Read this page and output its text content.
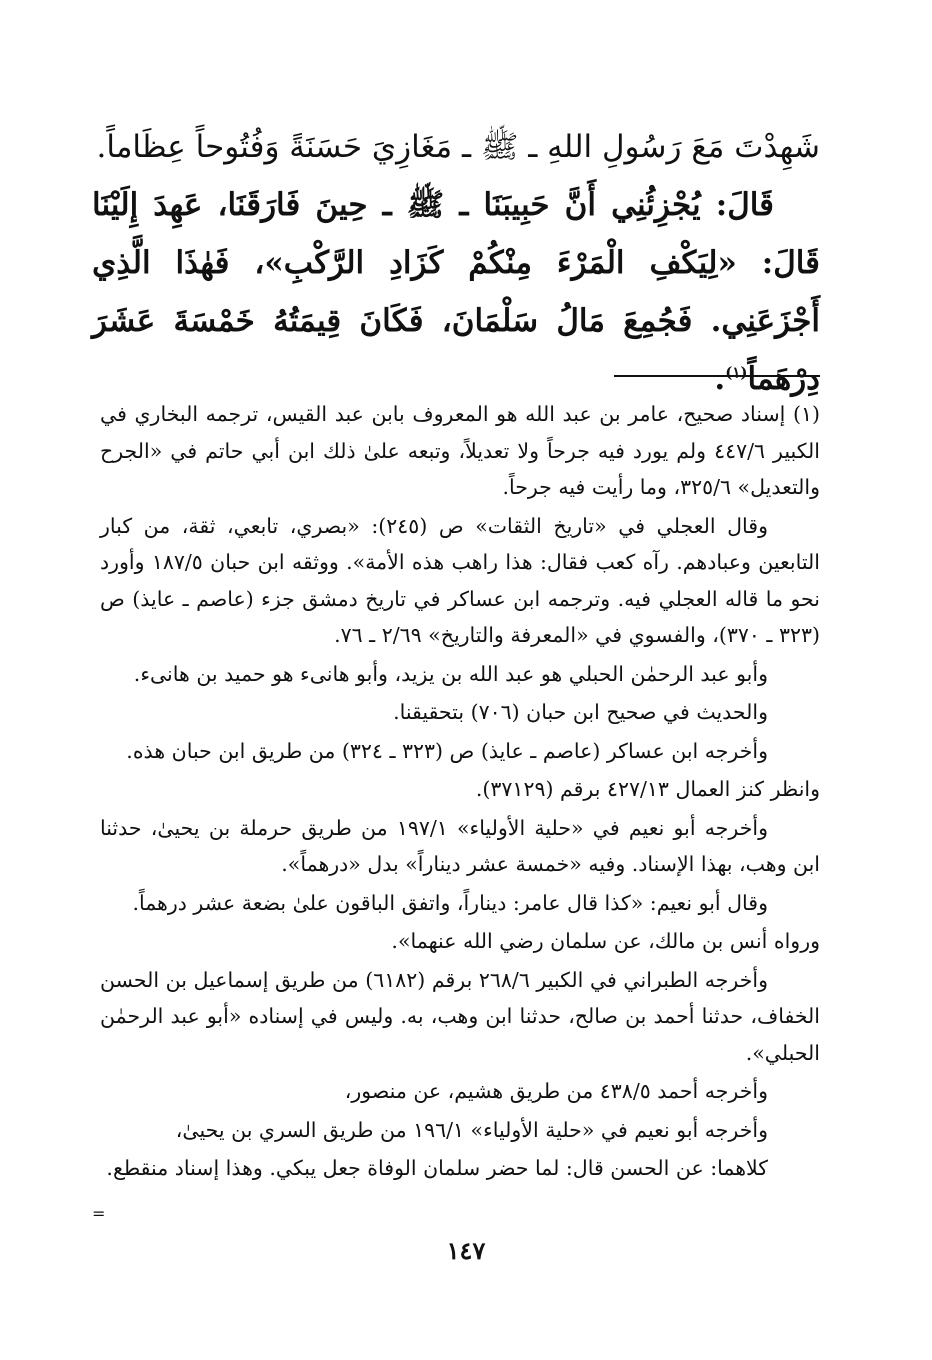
شَهِدْتَ مَعَ رَسُولِ اللهِ ـ ﷺ ـ مَغَازِيَ حَسَنَةً وَفُتُوحاً عِظَاماً.

قَالَ: يُجْزِئُنِي أَنَّ حَبِيبَنَا ـ ﷺ ـ حِينَ فَارَقَنَا، عَهِدَ إِلَيْنَا قَالَ: «لِيَكْفِ الْمَرْءَ مِنْكُمْ كَزَادِ الرَّكْبِ»، فَهٰذَا الَّذِي أَجْزَعَنِي. فَجُمِعَ مَالُ سَلْمَانَ، فَكَانَ قِيمَتُهُ خَمْسَةَ عَشَرَ دِرْهَماً$^{(١)}$.

(١) إسناد صحيح، عامر بن عبد الله هو المعروف بابن عبد القيس، ترجمه البخاري في الكبير ٤٤٧/٦ ولم يورد فيه جرحاً ولا تعديلاً، وتبعه علىٰ ذلك ابن أبي حاتم في «الجرح والتعديل» ٣٢٥/٦، وما رأيت فيه جرحاً.

وقال العجلي في «تاريخ الثقات» ص (٢٤٥): «بصري، تابعي، ثقة، من كبار التابعين وعبادهم. رآه كعب فقال: هذا راهب هذه الأمة». ووثقه ابن حبان ١٨٧/٥ وأورد نحو ما قاله العجلي فيه. وترجمه ابن عساكر في تاريخ دمشق جزء (عاصم ـ عايذ) ص (٣٢٣ ـ ٣٧٠)، والفسوي في «المعرفة والتاريخ» ٢/٦٩ ـ ٧٦.

وأبو عبد الرحمٰن الحبلي هو عبد الله بن يزيد، وأبو هانىء هو حميد بن هانىء.

والحديث في صحيح ابن حبان (٧٠٦) بتحقيقنا.

وأخرجه ابن عساكر (عاصم ـ عايذ) ص (٣٢٣ ـ ٣٢٤) من طريق ابن حبان هذه.

وانظر كنز العمال ٤٢٧/١٣ برقم (٣٧١٢٩).

وأخرجه أبو نعيم في «حلية الأولياء» ١٩٧/١ من طريق حرملة بن يحيىٰ، حدثنا ابن وهب، بهذا الإسناد. وفيه «خمسة عشر ديناراً» بدل «درهماً».

وقال أبو نعيم: «كذا قال عامر: ديناراً، واتفق الباقون علىٰ بضعة عشر درهماً.

ورواه أنس بن مالك، عن سلمان رضي الله عنهما».

وأخرجه الطبراني في الكبير ٢٦٨/٦ برقم (٦١٨٢) من طريق إسماعيل بن الحسن الخفاف، حدثنا أحمد بن صالح، حدثنا ابن وهب، به. وليس في إسناده «أبو عبد الرحمٰن الحبلي».

وأخرجه أحمد ٤٣٨/٥ من طريق هشيم، عن منصور،

وأخرجه أبو نعيم في «حلية الأولياء» ١٩٦/١ من طريق السري بن يحيىٰ،

كلاهما: عن الحسن قال: لما حضر سلمان الوفاة جعل يبكي. وهذا إسناد منقطع.

=
١٤٧
